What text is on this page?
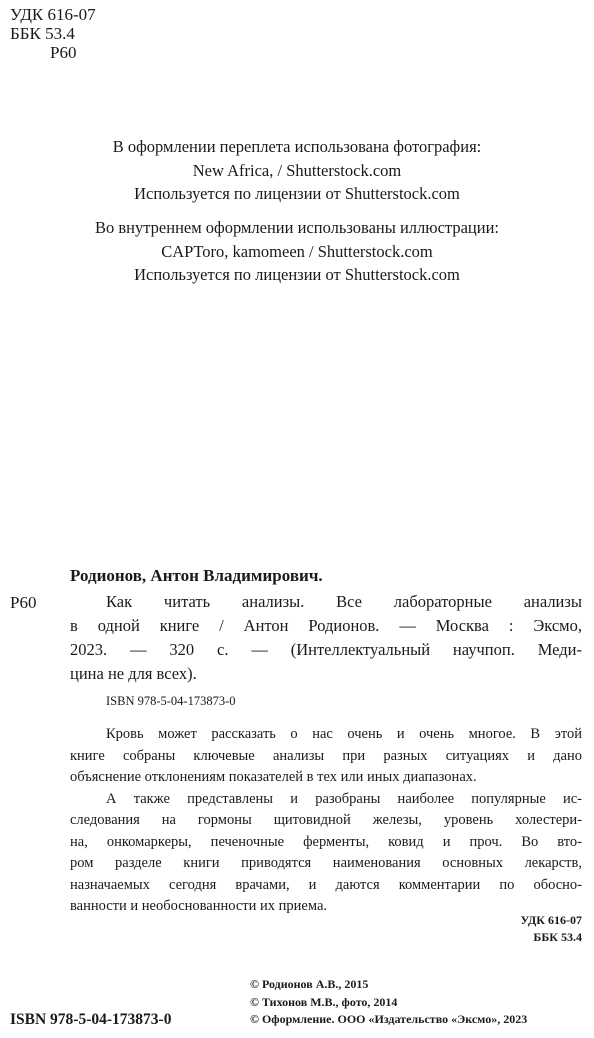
УДК 616-07
ББК 53.4
Р60
В оформлении переплета использована фотография:
New Africa, / Shutterstock.com
Используется по лицензии от Shutterstock.com
Во внутреннем оформлении использованы иллюстрации:
CAPToro, kamomeen / Shutterstock.com
Используется по лицензии от Shutterstock.com
Родионов, Антон Владимирович.
Р60	Как читать анализы. Все лабораторные анализы
в одной книге / Антон Родионов. — Москва : Эксмо,
2023. — 320 с. — (Интеллектуальный научпоп. Меди-
цина не для всех).
ISBN 978-5-04-173873-0
Кровь может рассказать о нас очень и очень многое. В этой
книге собраны ключевые анализы при разных ситуациях и дано
объяснение отклонениям показателей в тех или иных диапазонах.
А также представлены и разобраны наиболее популярные ис-
следования на гормоны щитовидной железы, уровень холестери-
на, онкомаркеры, печеночные ферменты, ковид и проч. Во вто-
ром разделе книги приводятся наименования основных лекарств,
назначаемых сегодня врачами, и даются комментарии по обосно-
ванности и необоснованности их приема.
УДК 616-07
ББК 53.4
© Родионов А.В., 2015
© Тихонов М.В., фото, 2014
© Оформление. ООО «Издательство «Эксмо», 2023
ISBN 978-5-04-173873-0
